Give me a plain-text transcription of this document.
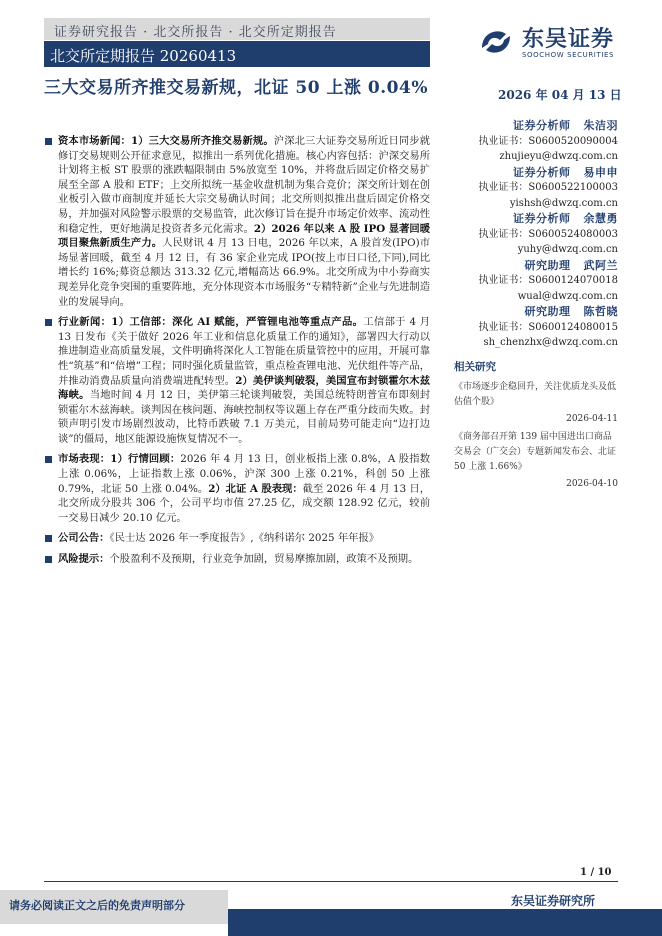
证券研究报告 · 北交所报告 · 北交所定期报告
北交所定期报告 20260413
东吴证券
SOOCHOW SECURITIES
三大交易所齐推交易新规，北证 50 上涨 0.04%	2026 年 04 月 13 日
资本市场新闻：1）三大交易所齐推交易新规。沪深北三大证券交易所近日同步就修订交易规则公开征求意见，拟推出一系列优化措施。核心内容包括：沪深交易所计划将主板 ST 股票的涨跌幅限制由 5%放宽至 10%，并将盘后固定价格交易扩展至全部 A 股和 ETF；上交所拟统一基金收盘机制为集合竞价；深交所计划在创业板引入做市商制度并延长大宗交易确认时间；北交所则拟推出盘后固定价格交易，并加强对风险警示股票的交易监管，此次修订旨在提升市场定价效率、流动性和稳定性，更好地满足投资者多元化需求。2）2026 年以来 A 股 IPO 显著回暖 项目聚焦新质生产力。人民财讯 4 月 13 日电，2026 年以来，A 股首发(IPO)市场显著回暖，截至 4 月 12 日，有 36 家企业完成 IPO(按上市日口径,下同),同比增长约 16%;募资总额达 313.32 亿元,增幅高达 66.9%。北交所成为中小券商实现差异化竞争突围的重要阵地，充分体现资本市场服务“专精特新”企业与先进制造业的发展导向。
行业新闻：1）工信部：深化 AI 赋能，严管锂电池等重点产品。工信部于 4 月 13 日发布《关于做好 2026 年工业和信息化质量工作的通知》，部署四大行动以推进制造业高质量发展，文件明确将深化人工智能在质量管控中的应用，开展可靠性“筑基”和“倍增”工程；同时强化质量监管，重点检查锂电池、光伏组件等产品，并推动消费品质量向消费端进配转型。2）美伊谈判破裂，美国宣布封锁霍尔木兹海峡。当地时间 4 月 12 日，美伊第三轮谈判破裂，美国总统特朗普宣布即刻封锁霍尔木兹海峡。谈判因在核问题、海峡控制权等议题上存在严重分歧而失败。封锁声明引发市场剧烈波动，比特币跌破 7.1 万美元，目前局势可能走向“边打边谈”的僵局，地区能源设施恢复情况不一。
市场表现：1）行情回顾：2026 年 4 月 13 日，创业板指上涨 0.8%，A 股指数上涨 0.06%，上证指数上涨 0.06%，沪深 300 上涨 0.21%，科创 50 上涨 0.79%，北证 50 上涨 0.04%。2）北证 A 股表现：截至 2026 年 4 月 13 日，北交所成分股共 306 个，公司平均市值 27.25 亿，成交额 128.92 亿元，较前一交易日减少 20.10 亿元。
公司公告：《民士达 2026 年一季度报告》,《纳科诺尔 2025 年年报》
风险提示：个股盈利不及预期，行业竞争加剧，贸易摩擦加剧，政策不及预期。
证券分析师 朱洁羽
执业证书：S0600520090004
zhujieyu@dwzq.com.cn
证券分析师 易申申
执业证书：S0600522100003
yishsh@dwzq.com.cn
证券分析师 余慧勇
执业证书：S0600524080003
yuhy@dwzq.com.cn
研究助理 武阿兰
执业证书：S0600124070018
wual@dwzq.com.cn
研究助理 陈哲晓
执业证书：S0600124080015
sh_chenzhx@dwzq.com.cn
相关研究
《市场逐步企稳回升，关注优质龙头及低估值个股》
2026-04-11
《商务部召开第 139 届中国进出口商品交易会（广交会）专题新闻发布会、北证 50 上涨 1.66%》
2026-04-10
1 / 10
请务必阅读正文之后的免责声明部分	东吴证券研究所
